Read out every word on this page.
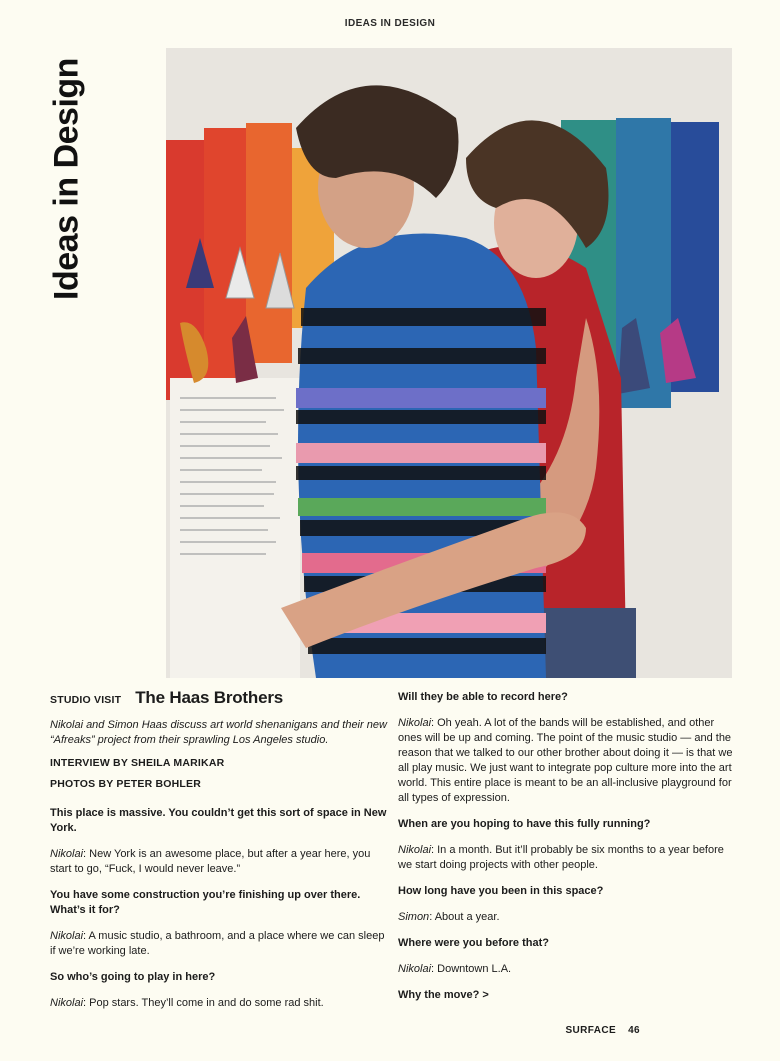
IDEAS IN DESIGN
Ideas in Design
STUDIO VISIT The Haas Brothers

Nikolai and Simon Haas discuss art world shenanigans and their new “Afreaks” project from their sprawling Los Angeles studio.

INTERVIEW BY SHEILA MARIKAR

PHOTOS BY PETER BOHLER

This place is massive. You couldn’t get this sort of space in New York.

Nikolai: New York is an awesome place, but after a year here, you start to go, “Fuck, I would never leave.”

You have some construction you’re finishing up over there. What’s it for?

Nikolai: A music studio, a bathroom, and a place where we can sleep if we’re working late.

So who’s going to play in here?

Nikolai: Pop stars. They’ll come in and do some rad shit.

Will they be able to record here?

Nikolai: Oh yeah. A lot of the bands will be established, and other ones will be up and coming. The point of the music studio — and the reason that we talked to our other brother about doing it — is that we all play music. We just want to integrate pop culture more into the art world. This entire place is meant to be an all-inclusive playground for all types of expression.

When are you hoping to have this fully running?

Nikolai: In a month. But it’ll probably be six months to a year before we start doing projects with other people.

How long have you been in this space?

Simon: About a year.

Where were you before that?

Nikolai: Downtown L.A.

Why the move? >

SURFACE 46
